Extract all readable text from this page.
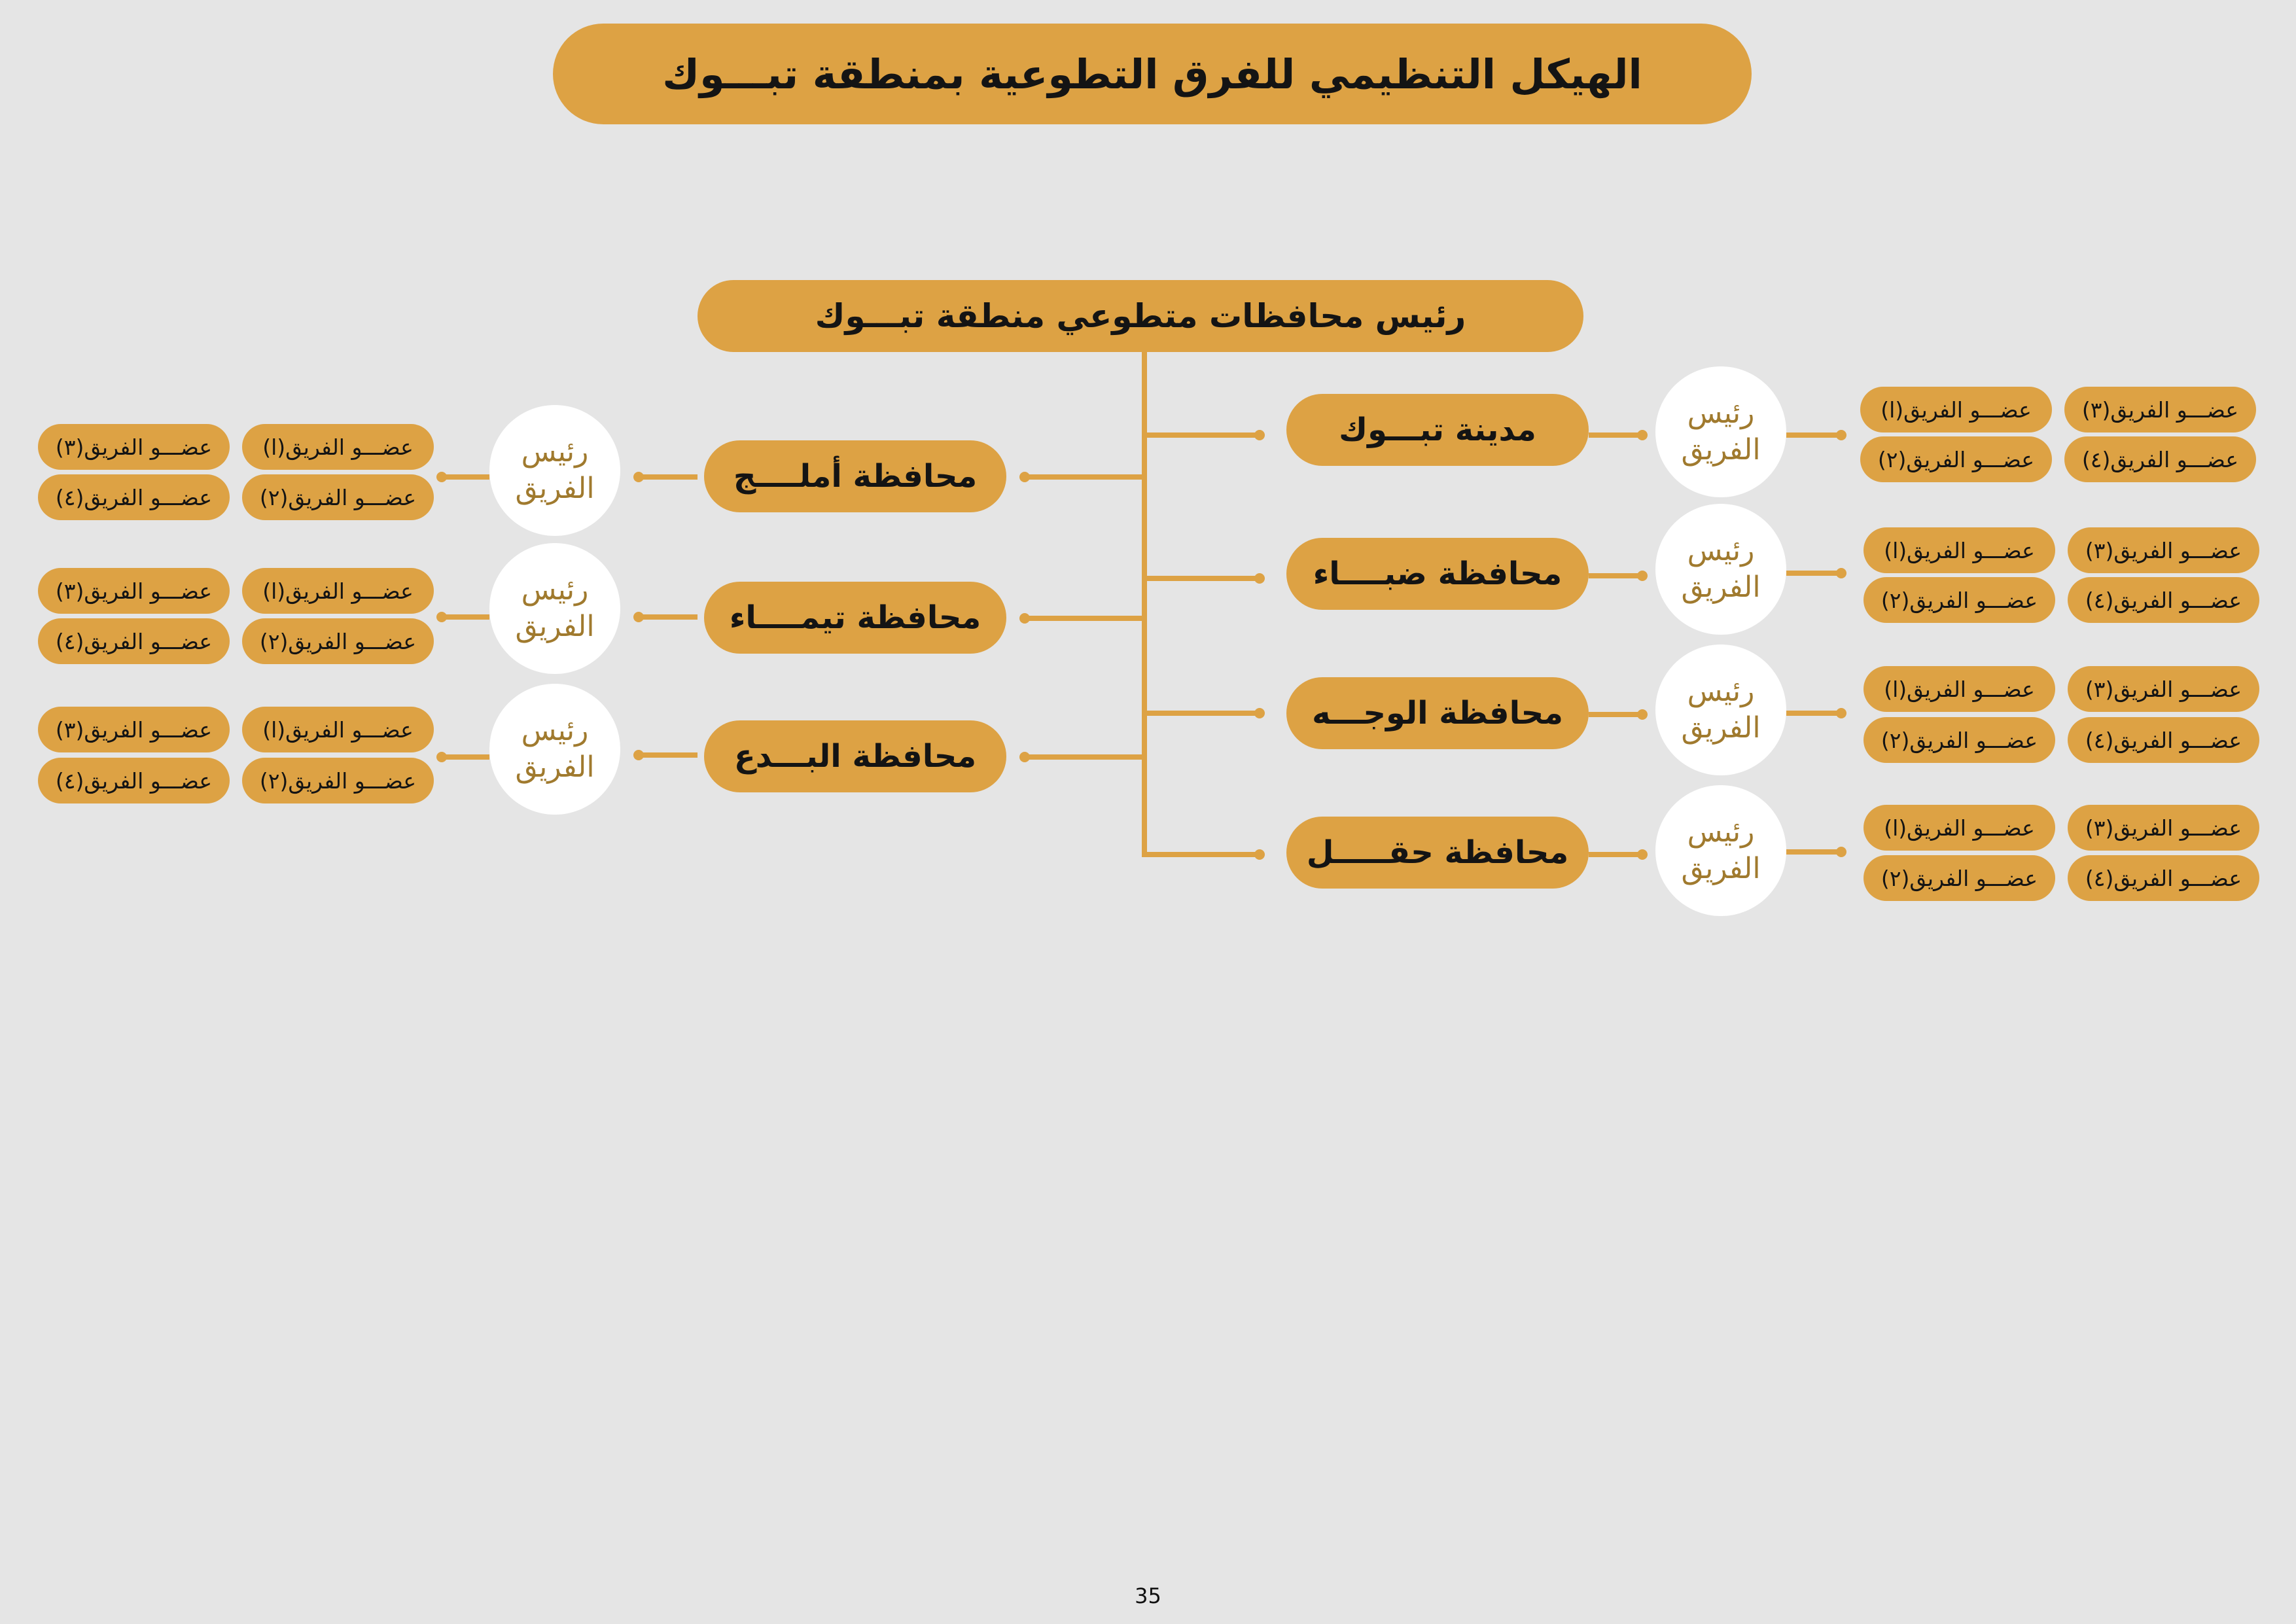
الهيكل التنظيمي للفرق التطوعية بمنطقة تبـــوك
رئيس محافظات متطوعي منطقة تبـــوك
مدينة تبـــوك	رئيس
الفريق
عضـــو الفريق(ا)	عضـــو الفريق(٣)
عضـــو الفريق(٢)	عضـــو الفريق(٤)
محافظة ضبــــاء
رئيس
الفريق
عضـــو الفريق(ا)	عضـــو الفريق(٣)
عضـــو الفريق(٢)	عضـــو الفريق(٤)
محافظة الوجـــه
رئيس
الفريق
عضـــو الفريق(ا)	عضـــو الفريق(٣)
عضـــو الفريق(٢)	عضـــو الفريق(٤)
محافظة حقـــــل
رئيس
الفريق
عضـــو الفريق(ا)	عضـــو الفريق(٣)
عضـــو الفريق(٢)	عضـــو الفريق(٤)
محافظة أملــــج
رئيس
الفريق
عضـــو الفريق(ا)
عضـــو الفريق(٣)
عضـــو الفريق(٢)
عضـــو الفريق(٤)
محافظة تيمــــاء
رئيس
الفريق
عضـــو الفريق(ا)
عضـــو الفريق(٣)
عضـــو الفريق(٢)
عضـــو الفريق(٤)
محافظة البـــدع
رئيس
الفريق
عضـــو الفريق(ا)
عضـــو الفريق(٣)
عضـــو الفريق(٢)
عضـــو الفريق(٤)
35
